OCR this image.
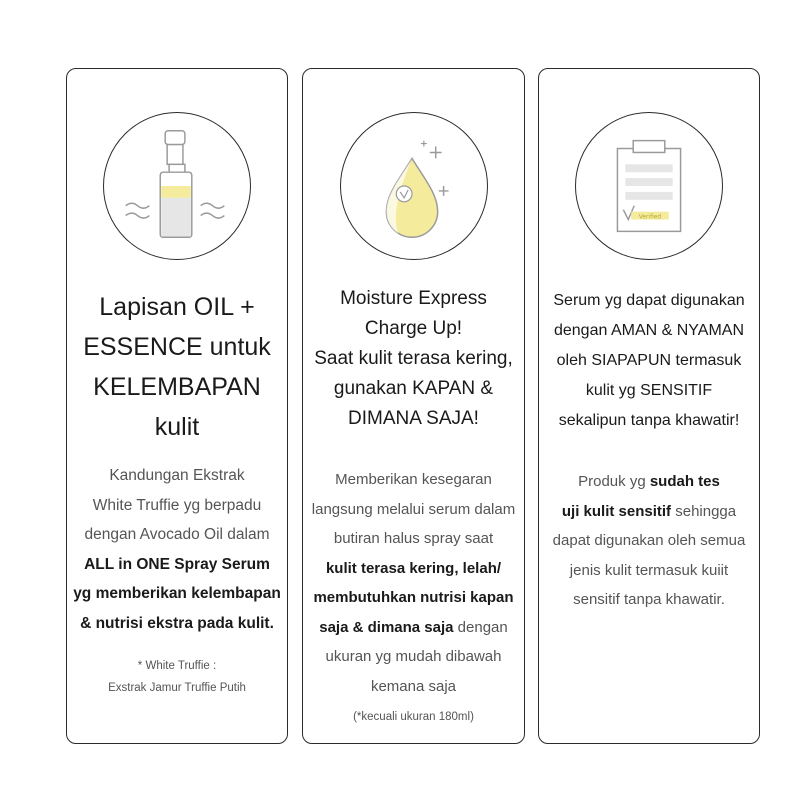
Lapisan OIL +
ESSENCE untuk
KELEMBAPAN
kulit
Kandungan Ekstrak
White Truffie yg berpadu
dengan Avocado Oil dalam
ALL in ONE Spray Serum
yg memberikan kelembapan
& nutrisi ekstra pada kulit.
* White Truffie :
Exstrak Jamur Truffie Putih
Moisture Express
Charge Up!
Saat kulit terasa kering,
gunakan KAPAN &
DIMANA SAJA!
Memberikan kesegaran
langsung melalui serum dalam
butiran halus spray saat
kulit terasa kering, lelah/
membutuhkan nutrisi kapan
saja & dimana saja dengan
ukuran yg mudah dibawah
kemana saja
(*kecuali ukuran 180ml)
Verified
Serum yg dapat digunakan
dengan AMAN & NYAMAN
oleh SIAPAPUN termasuk
kulit yg SENSITIF
sekalipun tanpa khawatir!
Produk yg sudah tes
uji kulit sensitif sehingga
dapat digunakan oleh semua
jenis kulit termasuk kuiit
sensitif tanpa khawatir.
